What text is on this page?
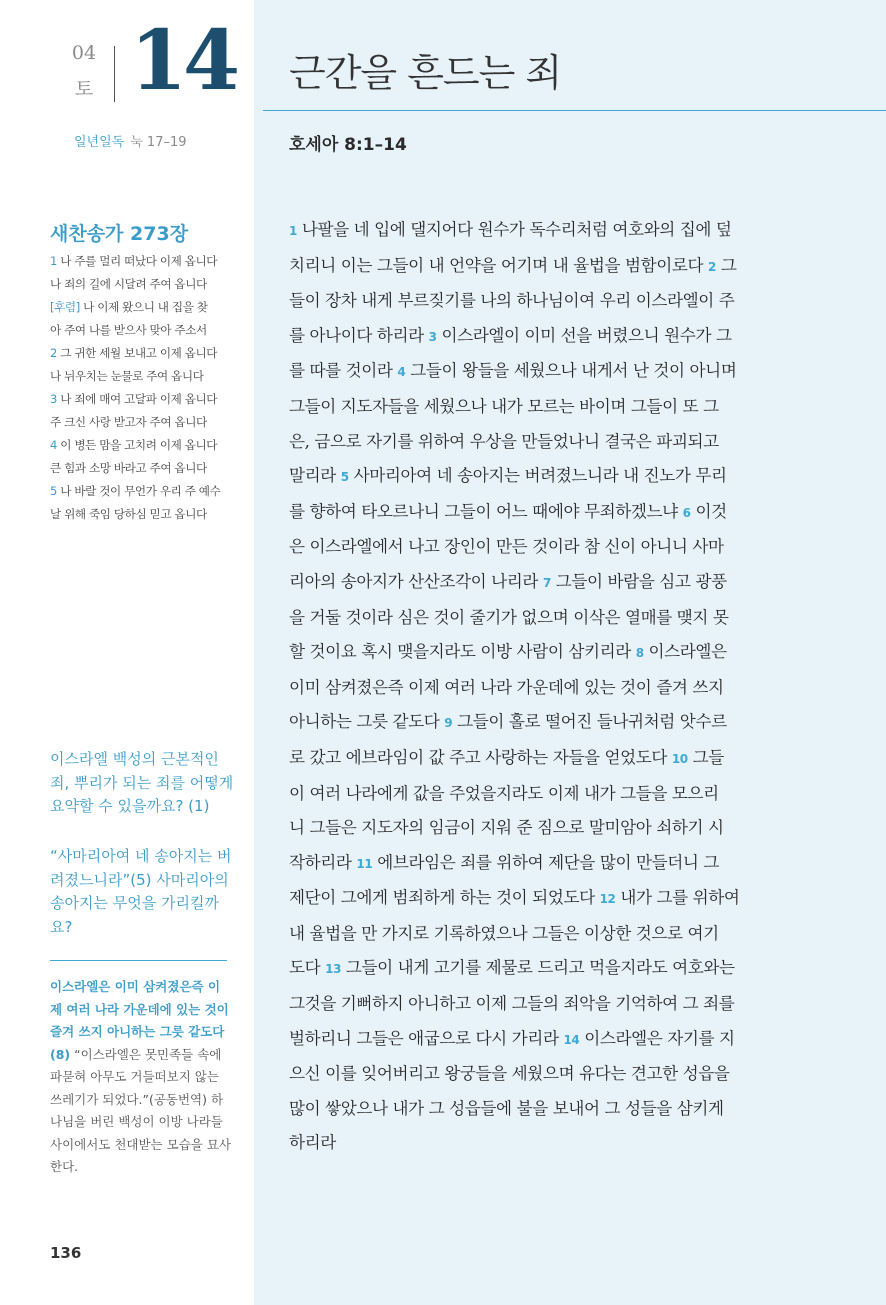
04
토 14
일년일독 눅 17–19
근간을 흔드는 죄
호세아 8:1–14
새찬송가 273장
1 나 주를 멀리 떠났다 이제 옵니다
나 죄의 길에 시달려 주여 옵니다
[후렴] 나 이제 왔으니 내 집을 찾
아 주여 나를 받으사 맞아 주소서
2 그 귀한 세월 보내고 이제 옵니다
나 뉘우치는 눈물로 주여 옵니다
3 나 죄에 매여 고달파 이제 옵니다
주 크신 사랑 받고자 주여 옵니다
4 이 병든 맘을 고치려 이제 옵니다
큰 힘과 소망 바라고 주여 옵니다
5 나 바랄 것이 무언가 우리 주 예수
날 위해 죽임 당하심 믿고 옵니다
이스라엘 백성의 근본적인 죄, 뿌리가 되는 죄를 어떻게 요약할 수 있을까요? (1)
“사마리아여 네 송아지는 버려졌느니라”(5) 사마리아의 송아지는 무엇을 가리킬까요?
이스라엘은 이미 삼켜졌은즉 이제 여러 나라 가운데에 있는 것이 즐겨 쓰지 아니하는 그릇 같도다(8) “이스라엘은 못민족들 속에 파묻혀 아무도 거들떠보지 않는 쓰레기가 되었다.”(공동번역) 하나님을 버린 백성이 이방 나라들 사이에서도 천대받는 모습을 묘사한다.
136
1 나팔을 네 입에 댈지어다 원수가 독수리처럼 여호와의 집에 덮
치리니 이는 그들이 내 언약을 어기며 내 율법을 범함이로다 2 그
들이 장차 내게 부르짖기를 나의 하나님이여 우리 이스라엘이 주
를 아나이다 하리라 3 이스라엘이 이미 선을 버렸으니 원수가 그
를 따를 것이라 4 그들이 왕들을 세웠으나 내게서 난 것이 아니며
그들이 지도자들을 세웠으나 내가 모르는 바이며 그들이 또 그
은, 금으로 자기를 위하여 우상을 만들었나니 결국은 파괴되고
말리라 5 사마리아여 네 송아지는 버려졌느니라 내 진노가 무리
를 향하여 타오르나니 그들이 어느 때에야 무죄하겠느냐 6 이것
은 이스라엘에서 나고 장인이 만든 것이라 참 신이 아니니 사마
리아의 송아지가 산산조각이 나리라 7 그들이 바람을 심고 광풍
을 거둘 것이라 심은 것이 줄기가 없으며 이삭은 열매를 맺지 못
할 것이요 혹시 맺을지라도 이방 사람이 삼키리라 8 이스라엘은
이미 삼켜졌은즉 이제 여러 나라 가운데에 있는 것이 즐겨 쓰지
아니하는 그릇 같도다 9 그들이 홀로 떨어진 들나귀처럼 앗수르
로 갔고 에브라임이 값 주고 사랑하는 자들을 얻었도다 10 그들
이 여러 나라에게 값을 주었을지라도 이제 내가 그들을 모으리
니 그들은 지도자의 임금이 지워 준 짐으로 말미암아 쇠하기 시
작하리라 11 에브라임은 죄를 위하여 제단을 많이 만들더니 그
제단이 그에게 범죄하게 하는 것이 되었도다 12 내가 그를 위하여
내 율법을 만 가지로 기록하였으나 그들은 이상한 것으로 여기
도다 13 그들이 내게 고기를 제물로 드리고 먹을지라도 여호와는
그것을 기뻐하지 아니하고 이제 그들의 죄악을 기억하여 그 죄를
벌하리니 그들은 애굽으로 다시 가리라 14 이스라엘은 자기를 지
으신 이를 잊어버리고 왕궁들을 세웠으며 유다는 견고한 성읍을
많이 쌓았으나 내가 그 성읍들에 불을 보내어 그 성들을 삼키게
하리라
